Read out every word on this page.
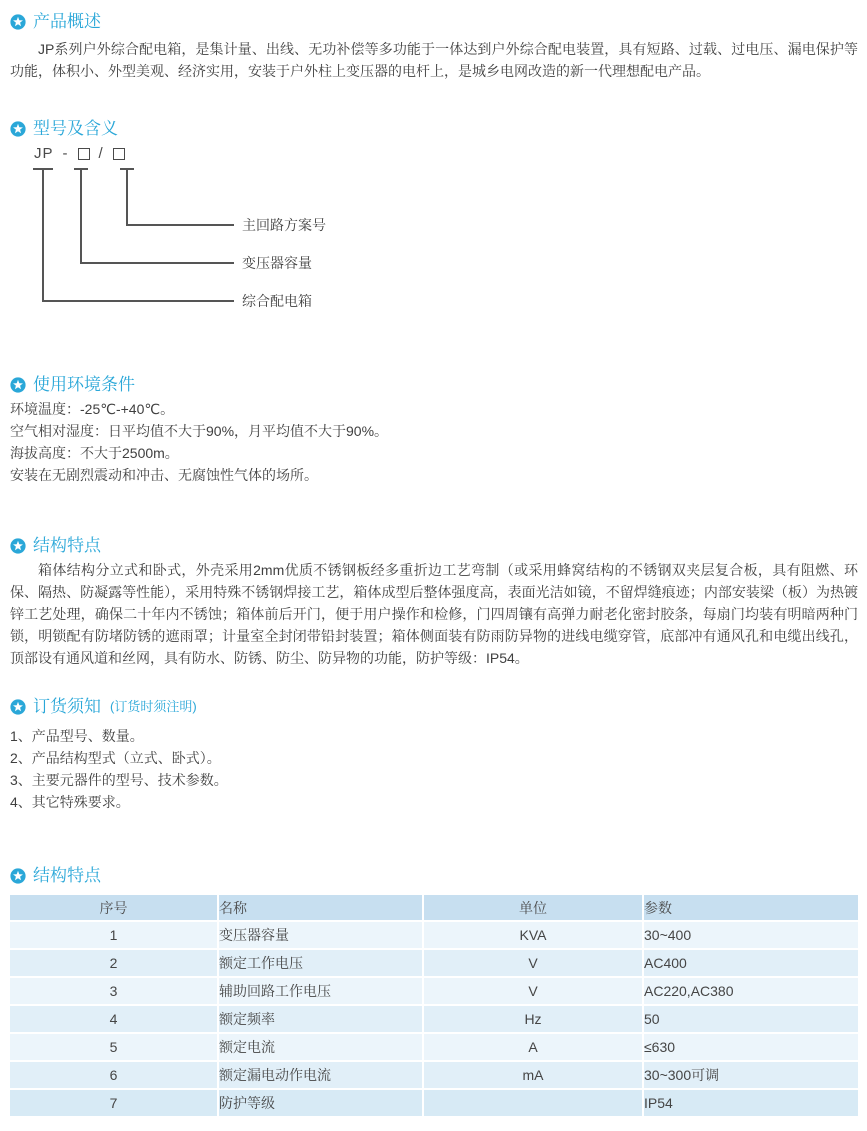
产品概述

JP系列户外综合配电箱，是集计量、出线、无功补偿等多功能于一体达到户外综合配电装置，具有短路、过载、过电压、漏电保护等功能，体积小、外型美观、经济实用，安装于户外柱上变压器的电杆上，是城乡电网改造的新一代理想配电产品。

型号及含义
JP - /
主回路方案号
变压器容量
综合配电箱
使用环境条件

环境温度：-25℃-+40℃。

空气相对湿度：日平均值不大于90%，月平均值不大于90%。

海拔高度：不大于2500m。

安装在无剧烈震动和冲击、无腐蚀性气体的场所。

结构特点

箱体结构分立式和卧式，外壳采用2mm优质不锈钢板经多重折边工艺弯制（或采用蜂窝结构的不锈钢双夹层复合板，具有阻燃、环保、隔热、防凝露等性能），采用特殊不锈钢焊接工艺，箱体成型后整体强度高，表面光洁如镜，不留焊缝痕迹；内部安装梁（板）为热镀锌工艺处理，确保二十年内不锈蚀；箱体前后开门，便于用户操作和检修，门四周镶有高弹力耐老化密封胶条，每扇门均装有明暗两种门锁，明锁配有防堵防锈的遮雨罩；计量室全封闭带铅封装置；箱体侧面装有防雨防异物的进线电缆穿管，底部冲有通风孔和电缆出线孔，顶部设有通风道和丝网，具有防水、防锈、防尘、防异物的功能，防护等级：IP54。

订货须知 (订货时须注明)

1、产品型号、数量。

2、产品结构型式（立式、卧式）。

3、主要元器件的型号、技术参数。

4、其它特殊要求。

结构特点
序号	名称	单位	参数
1	变压器容量	KVA	30~400
2	额定工作电压	V	AC400
3	辅助回路工作电压	V	AC220,AC380
4	额定频率	Hz	50
5	额定电流	A	≤630
6	额定漏电动作电流	mA	30~300可调
7	防护等级		IP54
